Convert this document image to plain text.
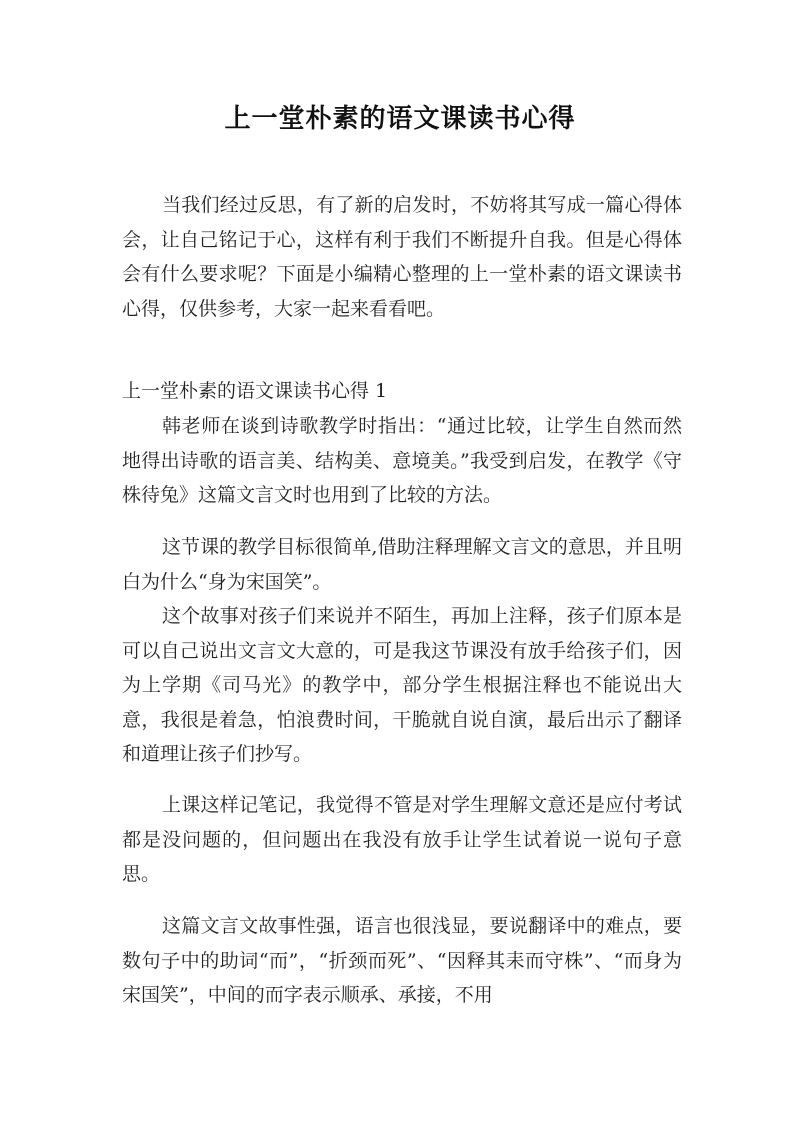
上一堂朴素的语文课读书心得

当我们经过反思，有了新的启发时，不妨将其写成一篇心得体会，让自己铭记于心，这样有利于我们不断提升自我。但是心得体会有什么要求呢？下面是小编精心整理的上一堂朴素的语文课读书心得，仅供参考，大家一起来看看吧。

上一堂朴素的语文课读书心得 1

韩老师在谈到诗歌教学时指出：“通过比较，让学生自然而然地得出诗歌的语言美、结构美、意境美。”我受到启发，在教学《守株待兔》这篇文言文时也用到了比较的方法。

这节课的教学目标很简单,借助注释理解文言文的意思，并且明白为什么“身为宋国笑”。

这个故事对孩子们来说并不陌生，再加上注释，孩子们原本是可以自己说出文言文大意的，可是我这节课没有放手给孩子们，因为上学期《司马光》的教学中，部分学生根据注释也不能说出大意，我很是着急，怕浪费时间，干脆就自说自演，最后出示了翻译和道理让孩子们抄写。

上课这样记笔记，我觉得不管是对学生理解文意还是应付考试都是没问题的，但问题出在我没有放手让学生试着说一说句子意思。

这篇文言文故事性强，语言也很浅显，要说翻译中的难点，要数句子中的助词“而”，“折颈而死”、“因释其耒而守株”、“而身为宋国笑”，中间的而字表示顺承、承接，不用
